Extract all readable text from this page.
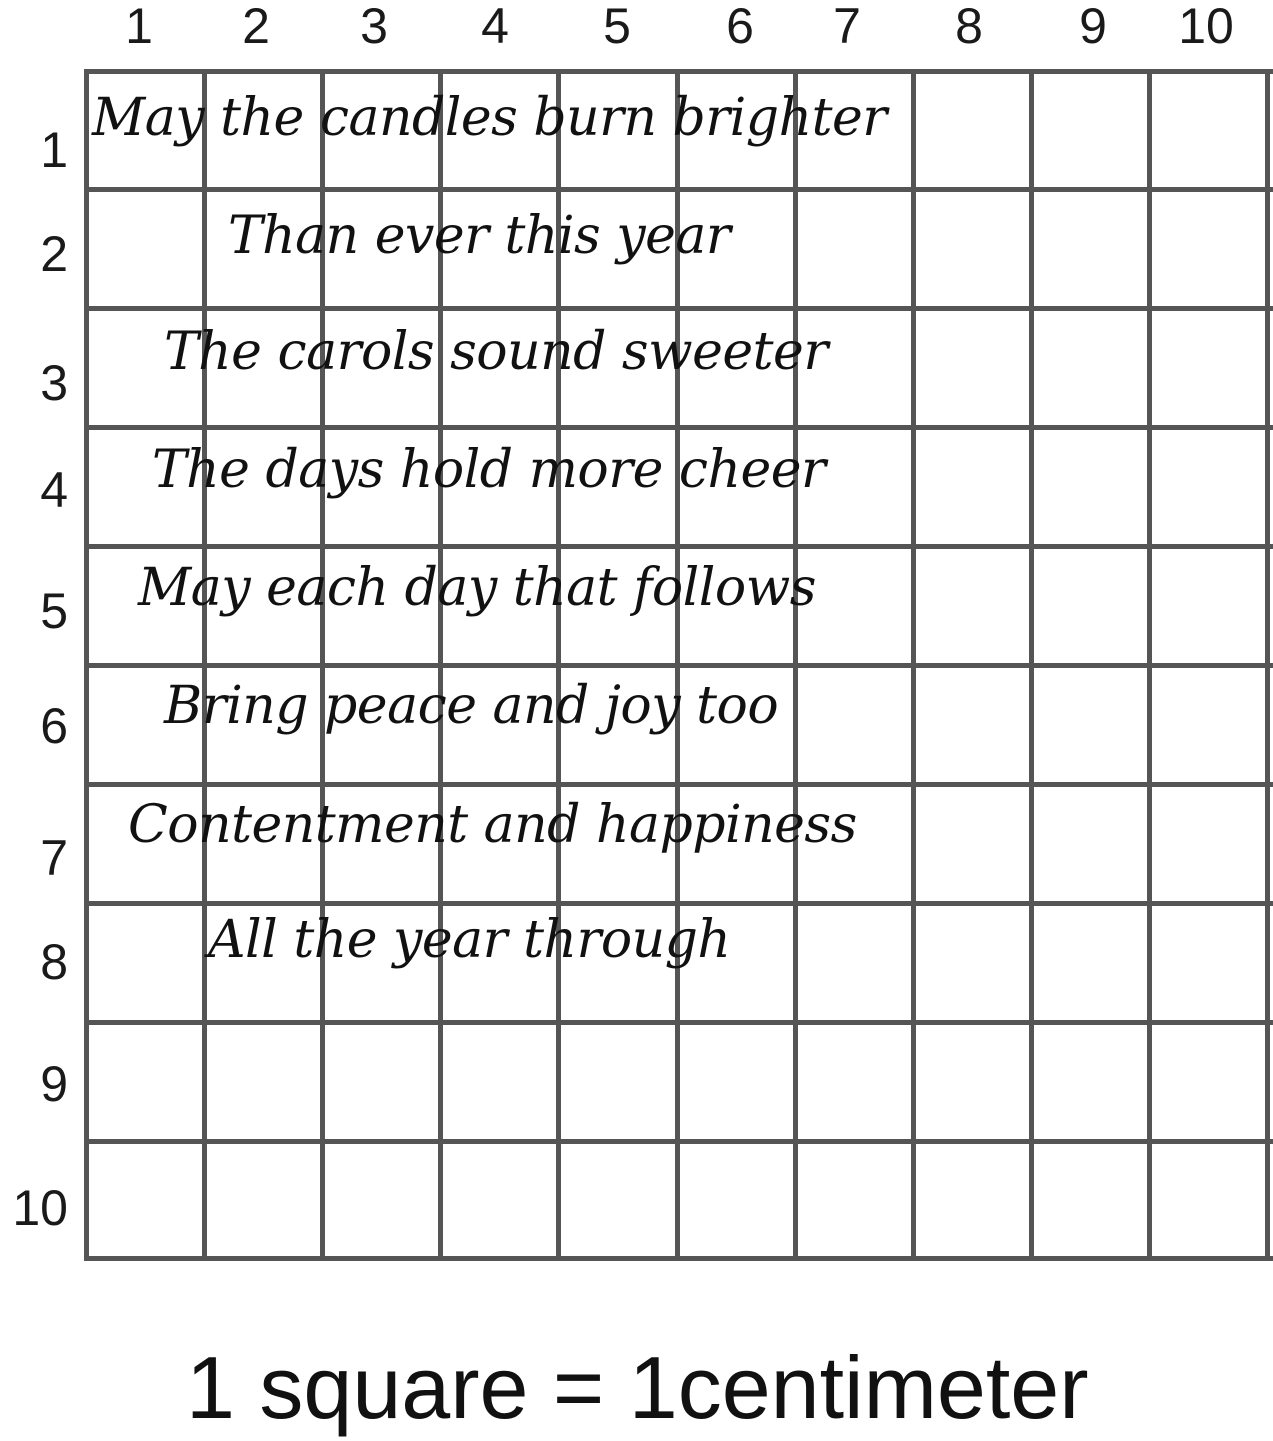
1	2	3	4	5	6	7	8	9	10
1
2
3
4
5
6
7
8
9
10
May the candles burn brighter
Than ever this year
The carols sound sweeter
The days hold more cheer
May each day that follows
Bring peace and joy too
Contentment and happiness
All the year through
1 square = 1centimeter
